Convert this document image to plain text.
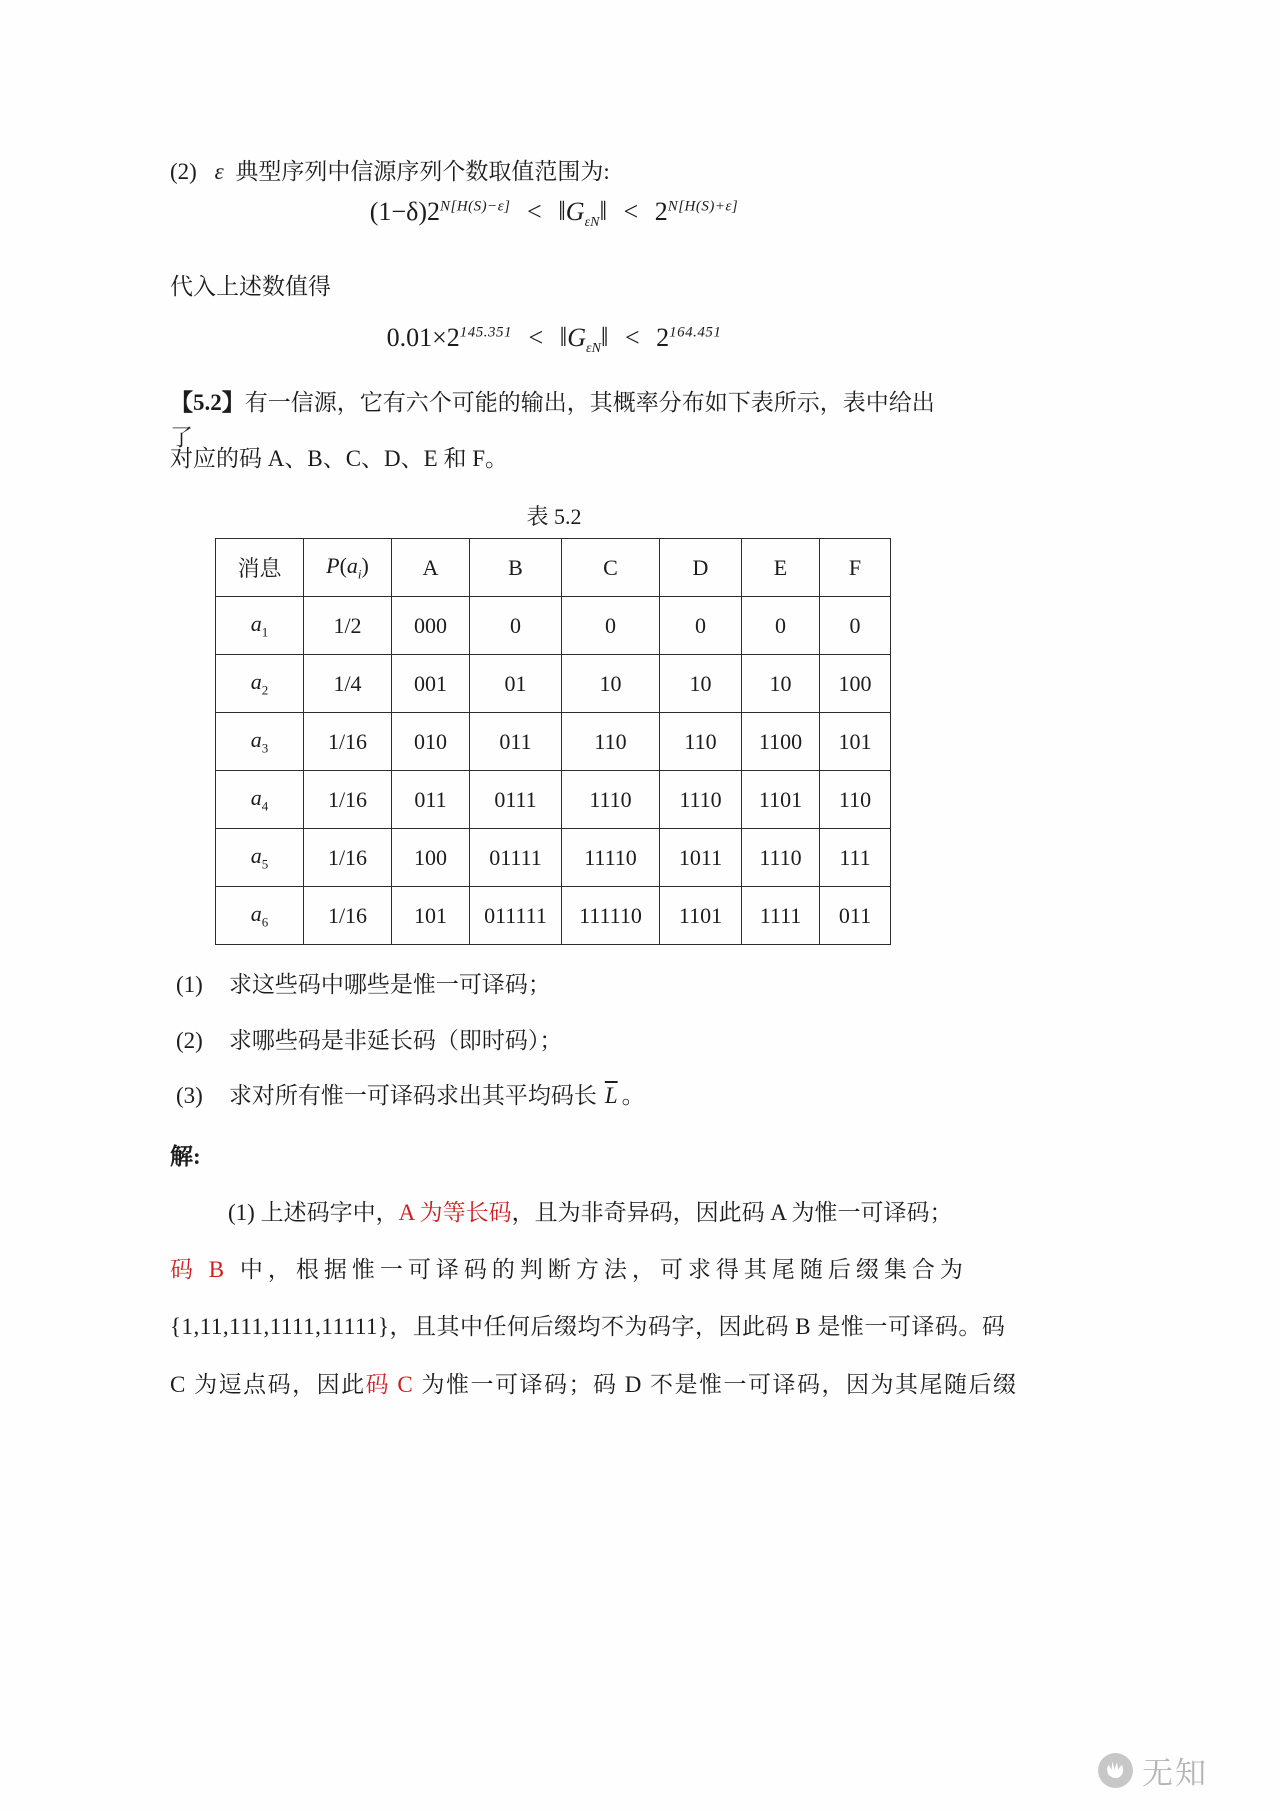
(2) ε 典型序列中信源序列个数取值范围为:
$(1-\delta)2^{N[H(S)-\varepsilon]}$ < $‖G_{\varepsilon N}‖ < 2^{N[H(S)+\varepsilon]}$
代入上述数值得
$0.01\times 2^{145.351}$ < $‖G_{\varepsilon N}‖ < 2^{164.451}$
【5.2】有一信源，它有六个可能的输出，其概率分布如下表所示，表中给出了
对应的码 A、B、C、D、E 和 F。
表 5.2
消息	$P(a_i)$	A	B	C	D	E	F
$a_1$	1/2	000	0	0	0	0	0
$a_2$	1/4	001	01	10	10	10	100
$a_3$	1/16	010	011	110	110	1100	101
$a_4$	1/16	011	0111	1110	1110	1101	110
$a_5$	1/16	100	01111	11110	1011	1110	111
$a_6$	1/16	101	011111	111110	1101	1111	011
(1) 求这些码中哪些是惟一可译码；
(2) 求哪些码是非延长码（即时码）；
(3) 求对所有惟一可译码求出其平均码长 $\overline{L}$ 。
解:
(1) 上述码字中，A 为等长码，且为非奇异码，因此码 A 为惟一可译码；
码 B 中，根据惟一可译码的判断方法，可求得其尾随后缀集合为
{1,11,111,1111,11111}，且其中任何后缀均不为码字，因此码 B 是惟一可译码。码
C 为逗点码，因此码 C 为惟一可译码；码 D 不是惟一可译码，因为其尾随后缀
无知
